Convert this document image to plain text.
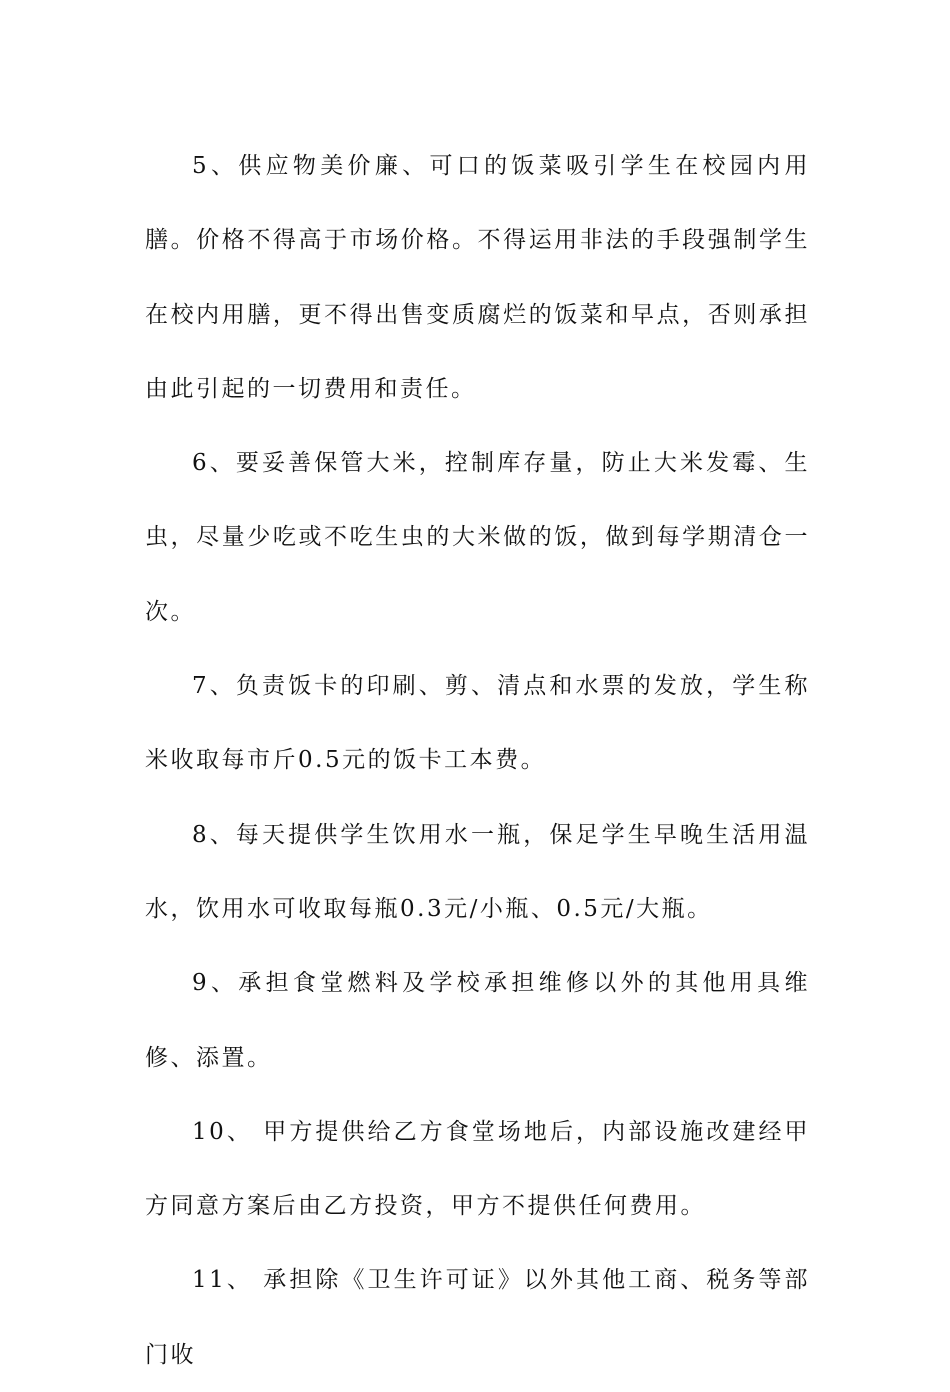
5、供应物美价廉、可口的饭菜吸引学生在校园内用膳。价格不得高于市场价格。不得运用非法的手段强制学生在校内用膳，更不得出售变质腐烂的饭菜和早点，否则承担由此引起的一切费用和责任。

6、要妥善保管大米，控制库存量，防止大米发霉、生虫，尽量少吃或不吃生虫的大米做的饭，做到每学期清仓一次。

7、负责饭卡的印刷、剪、清点和水票的发放，学生称米收取每市斤0.5元的饭卡工本费。

8、每天提供学生饮用水一瓶，保足学生早晚生活用温水，饮用水可收取每瓶0.3元/小瓶、0.5元/大瓶。

9、承担食堂燃料及学校承担维修以外的其他用具维修、添置。

10、 甲方提供给乙方食堂场地后，内部设施改建经甲方同意方案后由乙方投资，甲方不提供任何费用。

11、 承担除《卫生许可证》以外其他工商、税务等部门收
